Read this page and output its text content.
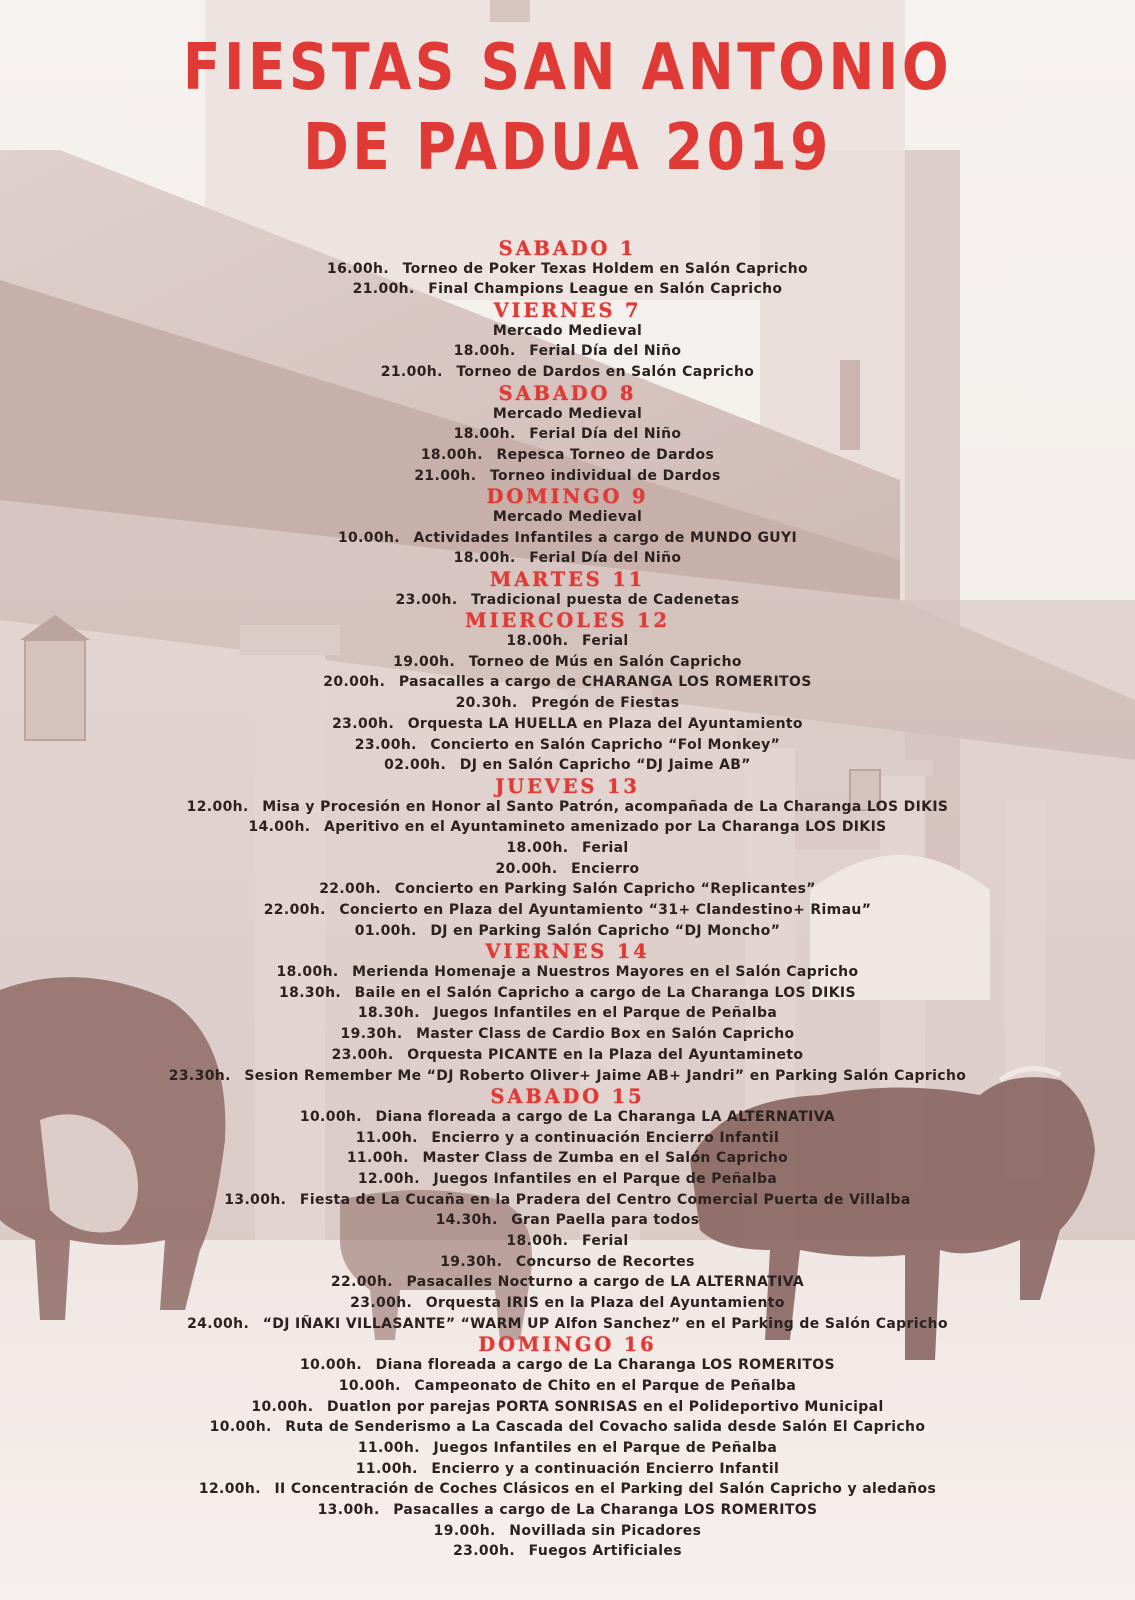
FIESTAS SAN ANTONIO
DE PADUA 2019
SABADO 1
16.00h. Torneo de Poker Texas Holdem en Salón Capricho
21.00h. Final Champions League en Salón Capricho
VIERNES 7
Mercado Medieval
18.00h. Ferial Día del Niño
21.00h. Torneo de Dardos en Salón Capricho
SABADO 8
Mercado Medieval
18.00h. Ferial Día del Niño
18.00h. Repesca Torneo de Dardos
21.00h. Torneo individual de Dardos
DOMINGO 9
Mercado Medieval
10.00h. Actividades Infantiles a cargo de MUNDO GUYI
18.00h. Ferial Día del Niño
MARTES 11
23.00h. Tradicional puesta de Cadenetas
MIERCOLES 12
18.00h. Ferial
19.00h. Torneo de Mús en Salón Capricho
20.00h. Pasacalles a cargo de CHARANGA LOS ROMERITOS
20.30h. Pregón de Fiestas
23.00h. Orquesta LA HUELLA en Plaza del Ayuntamiento
23.00h. Concierto en Salón Capricho “Fol Monkey”
02.00h. DJ en Salón Capricho “DJ Jaime AB”
JUEVES 13
12.00h. Misa y Procesión en Honor al Santo Patrón, acompañada de La Charanga LOS DIKIS
14.00h. Aperitivo en el Ayuntamineto amenizado por La Charanga LOS DIKIS
18.00h. Ferial
20.00h. Encierro
22.00h. Concierto en Parking Salón Capricho “Replicantes”
22.00h. Concierto en Plaza del Ayuntamiento “31+ Clandestino+ Rimau”
01.00h. DJ en Parking Salón Capricho “DJ Moncho”
VIERNES 14
18.00h. Merienda Homenaje a Nuestros Mayores en el Salón Capricho
18.30h. Baile en el Salón Capricho a cargo de La Charanga LOS DIKIS
18.30h. Juegos Infantiles en el Parque de Peñalba
19.30h. Master Class de Cardio Box en Salón Capricho
23.00h. Orquesta PICANTE en la Plaza del Ayuntamineto
23.30h. Sesion Remember Me “DJ Roberto Oliver+ Jaime AB+ Jandri” en Parking Salón Capricho
SABADO 15
10.00h. Diana floreada a cargo de La Charanga LA ALTERNATIVA
11.00h. Encierro y a continuación Encierro Infantil
11.00h. Master Class de Zumba en el Salón Capricho
12.00h. Juegos Infantiles en el Parque de Peñalba
13.00h. Fiesta de La Cucaña en la Pradera del Centro Comercial Puerta de Villalba
14.30h. Gran Paella para todos
18.00h. Ferial
19.30h. Concurso de Recortes
22.00h. Pasacalles Nocturno a cargo de LA ALTERNATIVA
23.00h. Orquesta IRIS en la Plaza del Ayuntamiento
24.00h. “DJ IÑAKI VILLASANTE” “WARM UP Alfon Sanchez” en el Parking de Salón Capricho
DOMINGO 16
10.00h. Diana floreada a cargo de La Charanga LOS ROMERITOS
10.00h. Campeonato de Chito en el Parque de Peñalba
10.00h. Duatlon por parejas PORTA SONRISAS en el Polideportivo Municipal
10.00h. Ruta de Senderismo a La Cascada del Covacho salida desde Salón El Capricho
11.00h. Juegos Infantiles en el Parque de Peñalba
11.00h. Encierro y a continuación Encierro Infantil
12.00h. II Concentración de Coches Clásicos en el Parking del Salón Capricho y aledaños
13.00h. Pasacalles a cargo de La Charanga LOS ROMERITOS
19.00h. Novillada sin Picadores
23.00h. Fuegos Artificiales
